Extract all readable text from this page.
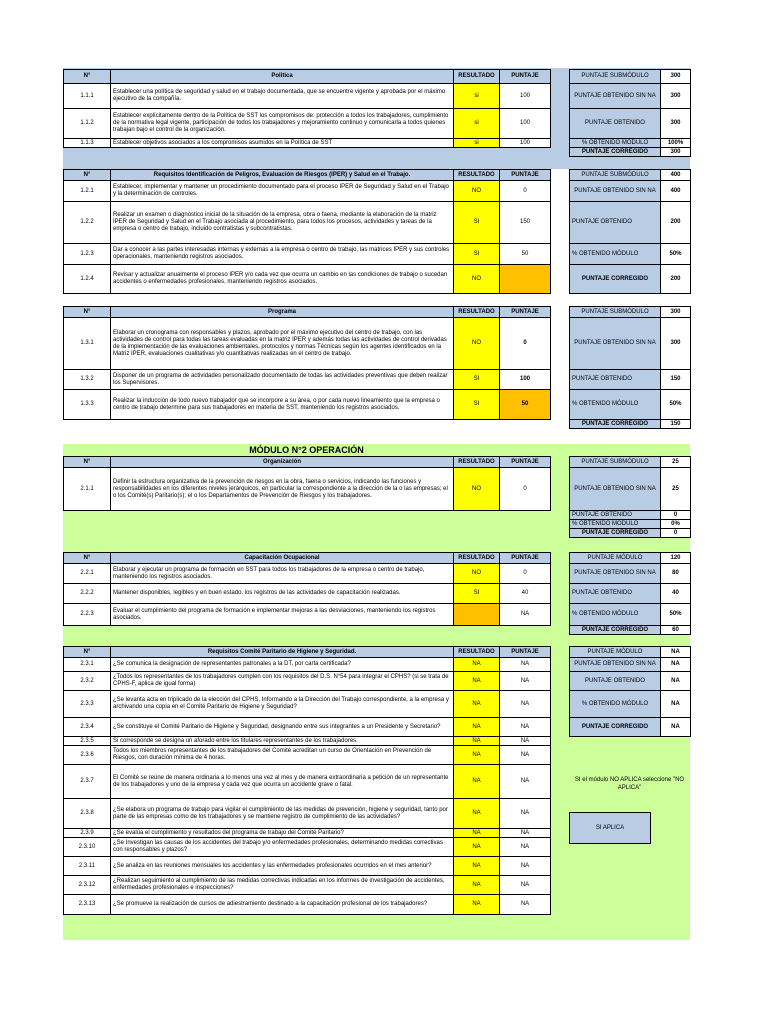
MÓDULO N°2 OPERACIÓN
N°	Politica	RESULTADO	PUNTAJE
1.1.1	Establecer una política de seguridad y salud en el trabajo documentada, que se encuentre vigente y aprobada por el máximo ejecutivo de la compañía.	si	100
1.1.2	Establecer explícitamente dentro de la Política de SST los compromisos de: protección a todos los trabajadores, cumplimiento de la normativa legal vigente, participación de todos los trabajadores y mejoramiento continuo y comunicarla a todos quienes trabajan bajo el control de la organización.	si	100
1.1.3	Establecer objetivos asociados a los compromisos asumidos en la Política de SST	si	100
PUNTAJE SUBMÓDULO	300
PUNTAJE OBTENIDO SIN NA	300
PUNTAJE OBTENIDO	300
% OBTENIDO MÓDULO	100%
PUNTAJE CORREGIDO	300
N°	Requisitos Identificación de Peligros, Evaluación de Riesgos (IPER) y Salud en el Trabajo.	RESULTADO	PUNTAJE
1.2.1	Establecer, implementar y mantener un procedimiento documentado para el proceso IPER de Seguridad y Salud en el Trabajo y la determinación de controles.	NO	0
1.2.2	Realizar un examen o diagnóstico inicial de la situación de la empresa, obra o faena, mediante la elaboración de la matriz IPER de Seguridad y Salud en el Trabajo asociada al procedimiento, para todos los procesos, actividades y tareas de la empresa o centro de trabajo, incluido contratistas y subcontratistas.	SI	150
1.2.3	Dar a conocer a las partes interesadas internas y externas a la empresa o centro de trabajo, las matrices IPER y sus controles operacionales, manteniendo registros asociados.	SI	50
1.2.4	Revisar y actualizar anualmente el proceso IPER y/o cada vez que ocurra un cambio en las condiciones de trabajo o sucedan accidentes o enfermedades profesionales, manteniendo registros asociados.	NO	
PUNTAJE SUBMÓDULO	400
PUNTAJE OBTENIDO SIN NA	400
PUNTAJE OBTENIDO	200
% OBTENIDO MÓDULO	50%
PUNTAJE CORREGIDO	200
N°	Programa	RESULTADO	PUNTAJE
1.3.1	Elaborar un cronograma con responsables y plazos, aprobado por el máximo ejecutivo del centro de trabajo, con las actividades de control para todas las tareas evaluadas en la matriz IPER y además todas las actividades de control derivadas de la implementación de las evaluaciones ambientales, protocolos y normas Técnicas según los agentes identificados en la Matriz IPER, evaluaciones cualitativas y/o cuantitativas realizadas en el centro de trabajo.	NO	0
1.3.2	Disponer de un programa de actividades personalizado documentado de todas las actividades preventivas que deben realizar los Supervisores.	SI	100
1.3.3	Realizar la inducción de todo nuevo trabajador que se incorpore a su área, o por cada nuevo lineamiento que la empresa o centro de trabajo determine para sus trabajadores en materia de SST, manteniendo los registros asociados.	SI	50
PUNTAJE SUBMÓDULO	300
PUNTAJE OBTENIDO SIN NA	300
PUNTAJE OBTENIDO	150
% OBTENIDO MÓDULO	50%
PUNTAJE CORREGIDO	150
N°	Organización	RESULTADO	PUNTAJE
2.1.1	Definir la estructura organizativa de la prevención de riesgos en la obra, faena o servicios, indicando las funciones y responsabilidades en los diferentes niveles jerárquicos, en particular la correspondiente a la dirección de la o las empresas; el o los Comité(s) Paritario(s); el o los Departamentos de Prevención de Riesgos y los trabajadores.	NO	0
PUNTAJE SUBMÓDULO	25
PUNTAJE OBTENIDO SIN NA	25
PUNTAJE OBTENIDO	0
% OBTENIDO MÓDULO	0%
PUNTAJE CORREGIDO	0
N°	Capacitación Ocupacional	RESULTADO	PUNTAJE
2.2.1	Elaborar y ejecutar un programa de formación en SST para todos los trabajadores de la empresa o centro de trabajo, manteniendo los registros asociados.	NO	0
2.2.2	Mantener disponibles, legibles y en buen estado, los registros de las actividades de capacitación realizadas.	SI	40
2.2.3	Evaluar el cumplimiento del programa de formación e implementar mejoras a las desviaciones, manteniendo los registros asociados.		NA
PUNTAJE MÓDULO	120
PUNTAJE OBTENIDO SIN NA	80
PUNTAJE OBTENIDO	40
% OBTENIDO MÓDULO	50%
PUNTAJE CORREGIDO	60
N°	Requisitos Comité Paritario de Higiene y Seguridad.	RESULTADO	PUNTAJE
2.3.1	¿Se comunica la designación de representantes patronales a la DT, por carta certificada?	NA	NA
2.3.2	¿Todos los representantes de los trabajadores cumplen con los requisitos del D.S. N°54 para integrar el CPHS? (si se trata de CPHS-F, aplica de igual forma)	NA	NA
2.3.3	¿Se levanta acta en triplicado de la elección del CPHS, Informando a la Dirección del Trabajo correspondiente, a la empresa y archivando una copia en el Comité Paritario de Higiene y Seguridad?	NA	NA
2.3.4	¿Se constituye el Comité Paritario de Higiene y Seguridad, designando entre sus integrantes a un Presidente y Secretario?	NA	NA
2.3.5	Si corresponde se designa un aforado entre los titulares representantes de los trabajadores.	NA	NA
2.3.6	Todos los miembros representantes de los trabajadores del Comité acreditan un curso de Orientación en Prevención de Riesgos, con duración mínima de 4 horas.	NA	NA
2.3.7	El Comité se reúne de manera ordinaria a lo menos una vez al mes y de manera extraordinaria a petición de un representante de los trabajadores y uno de la empresa y cada vez que ocurra un accidente grave o fatal.	NA	NA
2.3.8	¿Se elabora un programa de trabajo para vigilar el cumplimiento de las medidas de prevención, higiene y seguridad, tanto por parte de las empresas como de los trabajadores y se mantiene registro de cumplimiento de las actividades?	NA	NA
2.3.9	¿Se evalúa el cumplimiento y resultados del programa de trabajo del Comité Paritario?	NA	NA
2.3.10	¿Se Investigan las causas de los accidentes del trabajo y/o enfermedades profesionales, determinando medidas correctivas con responsables y plazos?	NA	NA
2.3.11	¿Se analiza en las reuniones mensuales los accidentes y las enfermedades profesionales ocurridos en el mes anterior?	NA	NA
2.3.12	¿Realizan seguimiento al cumplimiento de las medidas correctivas indicadas en los informes de investigación de accidentes, enfermedades profesionales e inspecciones?	NA	NA
2.3.13	¿Se promueve la realización de cursos de adiestramiento destinado a la capacitación profesional de los trabajadores?	NA	NA
PUNTAJE MÓDULO	NA
PUNTAJE OBTENIDO SIN NA	NA
PUNTAJE OBTENIDO	NA
% OBTENIDO MÓDULO	NA
PUNTAJE CORREGIDO	NA
SI el módulo NO APLICA seleccione "NO APLICA"
SI APLICA
